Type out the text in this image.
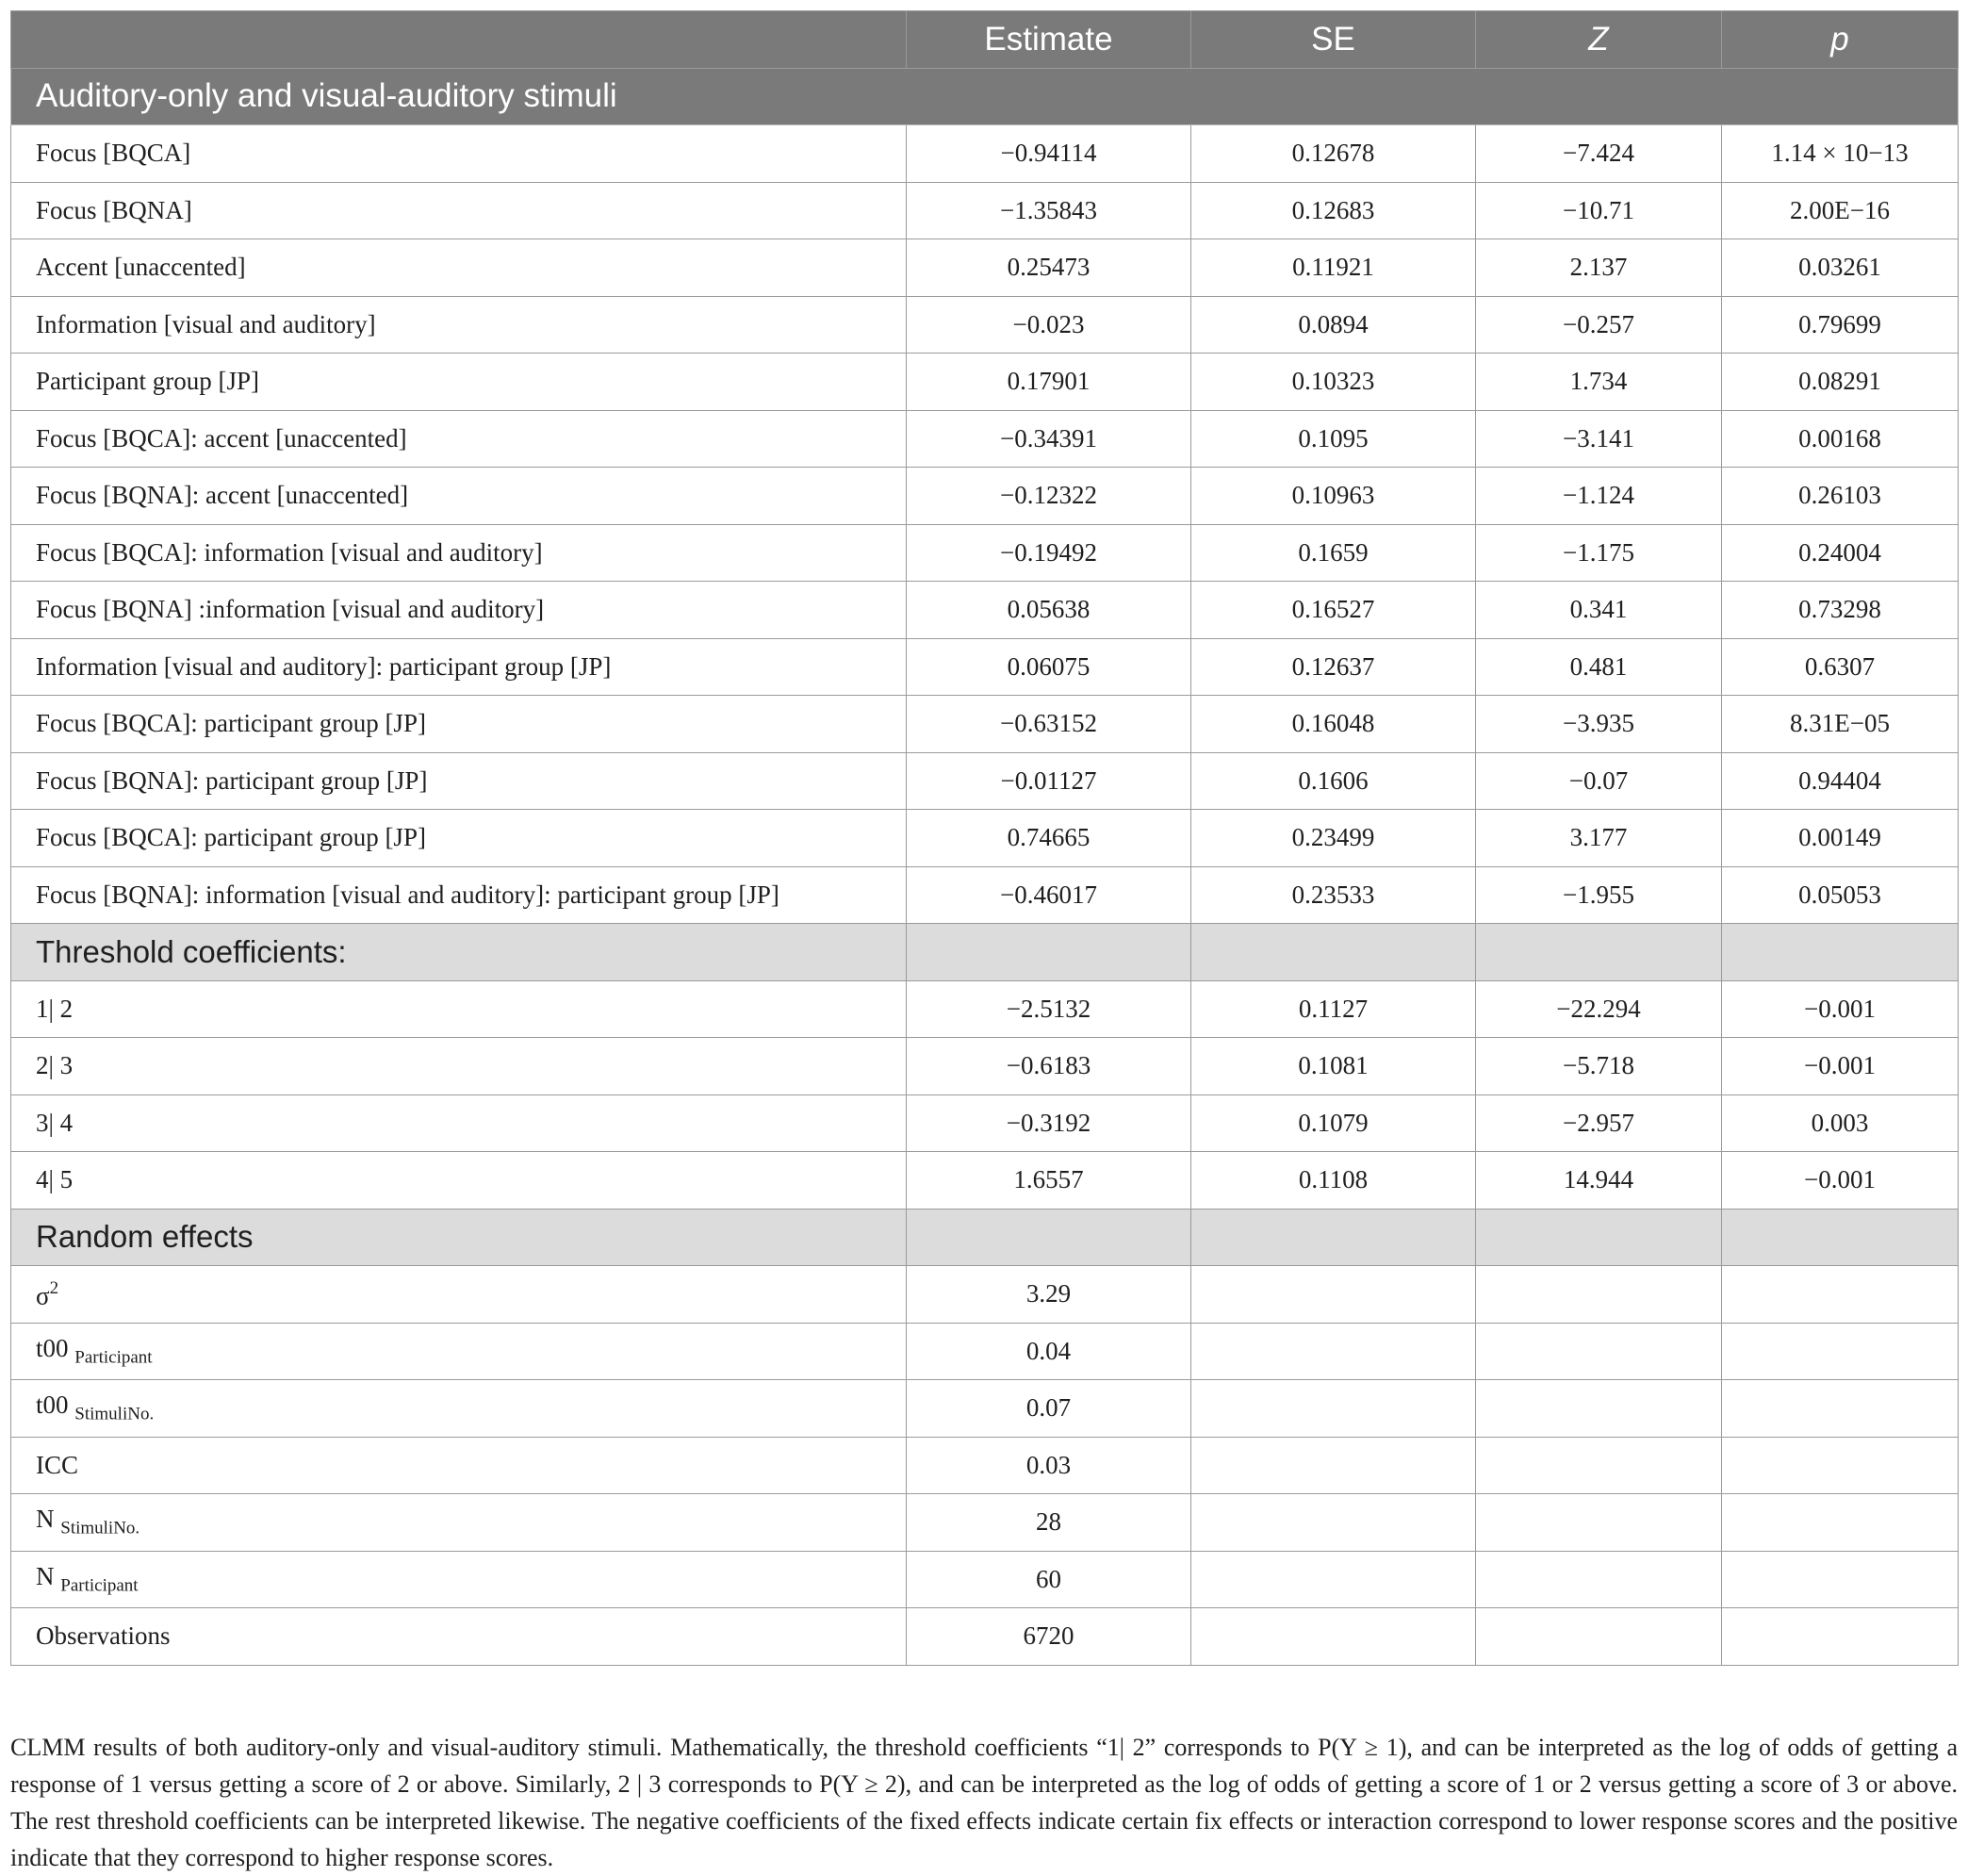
	Estimate	SE	Z	p
Auditory-only and visual-auditory stimuli				
Focus [BQCA]	−0.94114	0.12678	−7.424	1.14 × 10−13
Focus [BQNA]	−1.35843	0.12683	−10.71	2.00E−16
Accent [unaccented]	0.25473	0.11921	2.137	0.03261
Information [visual and auditory]	−0.023	0.0894	−0.257	0.79699
Participant group [JP]	0.17901	0.10323	1.734	0.08291
Focus [BQCA]: accent [unaccented]	−0.34391	0.1095	−3.141	0.00168
Focus [BQNA]: accent [unaccented]	−0.12322	0.10963	−1.124	0.26103
Focus [BQCA]: information [visual and auditory]	−0.19492	0.1659	−1.175	0.24004
Focus [BQNA] :information [visual and auditory]	0.05638	0.16527	0.341	0.73298
Information [visual and auditory]: participant group [JP]	0.06075	0.12637	0.481	0.6307
Focus [BQCA]: participant group [JP]	−0.63152	0.16048	−3.935	8.31E−05
Focus [BQNA]: participant group [JP]	−0.01127	0.1606	−0.07	0.94404
Focus [BQCA]: participant group [JP]	0.74665	0.23499	3.177	0.00149
Focus [BQNA]: information [visual and auditory]: participant group [JP]	−0.46017	0.23533	−1.955	0.05053
Threshold coefficients:				
1| 2	−2.5132	0.1127	−22.294	−0.001
2| 3	−0.6183	0.1081	−5.718	−0.001
3| 4	−0.3192	0.1079	−2.957	0.003
4| 5	1.6557	0.1108	14.944	−0.001
Random effects				
$\sigma^2$	3.29			
t00 $_{Participant}$	0.04			
t00 $_{StimuliNo.}$	0.07			
ICC	0.03			
N $_{StimuliNo.}$	28			
N $_{Participant}$	60			
Observations	6720			
CLMM results of both auditory-only and visual-auditory stimuli. Mathematically, the threshold coefficients “1| 2” corresponds to P(Y ≥ 1), and can be interpreted as the log of odds of getting a response of 1 versus getting a score of 2 or above. Similarly, 2 | 3 corresponds to P(Y ≥ 2), and can be interpreted as the log of odds of getting a score of 1 or 2 versus getting a score of 3 or above. The rest threshold coefficients can be interpreted likewise. The negative coefficients of the fixed effects indicate certain fix effects or interaction correspond to lower response scores and the positive indicate that they correspond to higher response scores.
